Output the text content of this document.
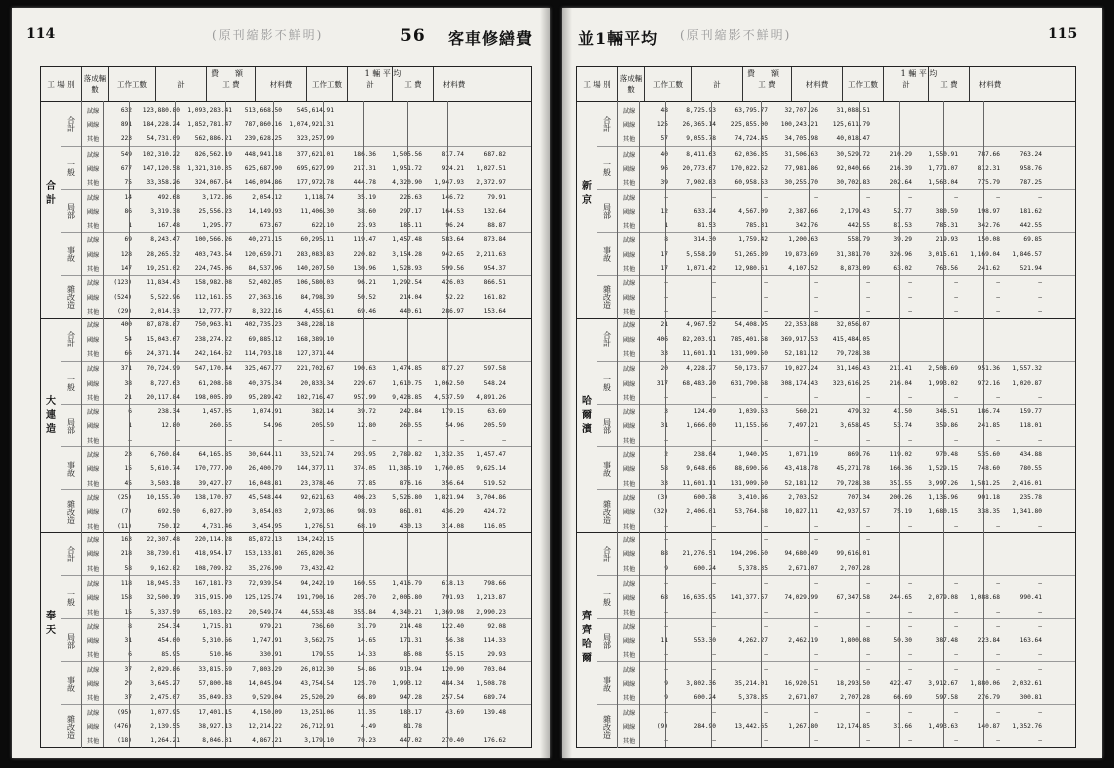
114	(原刊縮影不鮮明)	56 客車修繕費
工 場 別
落成輛數
工作工數	計	工 費	材料費	工作工數	計	工 費	材料費
費　　額	1 輛 平 均
合 計
合計
試線	632	123,880.80	1,093,283.41	513,668.50	545,614.91
國線	891	184,228.24	1,852,781.47	787,860.16	1,074,921.31
其他	223	54,731.09	562,886.21	239,628.25	323,257.99
一般
試線	549	102,310.22	826,562.19	448,941.18	377,621.01	186.36	1,505.56	817.74	687.82
國線	677	147,120.58	1,321,310.35	625,687.90	695,627.99	217.31	1,951.72	924.21	1,027.51
其他	75	33,358.26	324,067.64	146,094.86	177,972.78	444.78	4,320.90	1,947.93	2,372.97
局部
試線	14	492.68	3,172.86	2,054.12	1,118.74	35.19	226.63	146.72	79.91
國線	86	3,319.38	25,556.23	14,149.93	11,406.30	38.60	297.17	164.53	132.64
其他	1	167.48	1,295.77	673.67	622.10	23.93	185.11	96.24	88.87
事故
試線	69	8,243.47	100,566.26	40,271.15	60,295.11	119.47	1,457.48	583.64	873.84
國線	128	28,265.32	403,743.54	120,659.71	283,083.83	220.82	3,154.28	942.65	2,211.63
其他	147	19,251.02	224,745.06	84,537.96	140,207.50	130.96	1,528.93	599.56	954.37
雜改造
試線	(123)	11,834.43	158,982.08	52,402.05	106,580.03	96.21	1,292.54	426.03	866.51
國線	(524)	5,522.96	112,161.55	27,363.16	84,798.39	50.52	214.04	52.22	161.82
其他	(29)	2,014.33	12,777.77	8,322.16	4,455.61	69.46	440.61	286.97	153.64
大 連 造
合計
試線	400	87,878.87	750,963.41	402,735.23	348,228.18
國線	54	15,043.67	238,274.22	69,885.12	168,389.10
其他	66	24,371.14	242,164.62	114,793.18	127,371.44
一般
試線	371	70,724.99	547,170.44	325,467.77	221,702.67	190.63	1,474.85	877.27	597.58
國線	38	8,727.63	61,208.68	40,375.34	20,833.34	229.67	1,610.75	1,062.50	548.24
其他	21	20,117.84	198,005.89	95,289.42	102,716.47	957.99	9,428.85	4,537.59	4,891.26
局部
試線	6	238.34	1,457.05	1,074.91	382.14	39.72	242.84	179.15	63.69
國線	1	12.80	260.55	54.96	205.59	12.80	260.55	54.96	205.59
其他	—	—	—	—	—	—	—	—	—
事故
試線	23	6,760.84	64,165.85	30,644.11	33,521.74	293.95	2,789.82	1,332.35	1,457.47
國線	15	5,610.74	170,777.90	26,400.79	144,377.11	374.05	11,385.19	1,760.05	9,625.14
其他	45	3,503.18	39,427.27	16,048.81	23,378.46	77.85	876.16	356.64	519.52
雜改造
試線	(25)	10,155.70	138,170.07	45,548.44	92,621.63	406.23	5,526.80	1,821.94	3,704.86
國線	(7)	692.50	6,027.09	3,054.03	2,973.06	98.93	861.01	436.29	424.72
其他	(11)	750.12	4,731.46	3,454.95	1,276.51	68.19	430.13	314.08	116.05
奉 天
合計
試線	163	22,307.48	220,114.28	85,872.13	134,242.15
國線	218	38,739.01	418,954.17	153,133.81	265,820.36
其他	58	9,162.82	108,709.32	35,276.90	73,432.42
一般
試線	118	18,945.33	167,181.73	72,939.54	94,242.19	160.55	1,416.79	618.13	798.66
國線	158	32,500.19	315,915.90	125,125.74	191,790.16	205.70	2,005.80	791.93	1,213.87
其他	15	5,337.59	65,103.22	20,549.74	44,553.48	355.84	4,340.21	1,369.98	2,990.23
局部
試線	8	254.34	1,715.81	979.21	736.60	31.79	214.48	122.40	92.08
國線	31	454.00	5,310.66	1,747.91	3,562.75	14.65	171.31	56.38	114.33
其他	6	85.95	510.46	330.91	179.55	14.33	85.08	55.15	29.93
事故
試線	37	2,029.86	33,815.59	7,803.29	26,012.30	54.86	913.94	120.90	703.04
國線	29	3,645.27	57,800.48	14,045.94	43,754.54	125.70	1,993.12	484.34	1,508.78
其他	37	2,475.07	35,049.33	9,529.04	25,520.29	66.89	947.28	257.54	689.74
雜改造
試線	(95)	1,077.95	17,401.15	4,150.09	13,251.06	11.35	183.17	43.69	139.48
國線	(476)	2,139.55	38,927.13	12,214.22	26,712.91	4.49	81.78
其他	(18)	1,264.21	8,046.31	4,867.21	3,179.10	70.23	447.02	270.40	176.62
並1輛平均 (原刊縮影不鮮明)	115
工 場 別
落成輛數
工作工數	計	工 費	材料費	工作工數	計	工 費	材料費
費　　額	1 輛 平 均
新 京
合計
試線	48	8,725.93	63,795.77	32,707.26	31,088.51
國線	125	26,365.14	225,855.00	100,243.21	125,611.79
其他	57	9,055.78	74,724.45	34,705.98	40,018.47
一般
試線	40	8,411.63	62,036.35	31,506.63	30,529.72	210.29	1,550.91	787.66	763.24
國線	96	20,773.67	170,022.52	77,981.86	92,040.66	216.39	1,771.07	812.31	958.76
其他	39	7,902.83	60,958.53	30,255.70	30,702.83	202.64	1,563.04	775.79	787.25
局部
試線	—	—	—	—	—	—	—	—	—
國線	12	633.24	4,567.09	2,387.66	2,179.43	52.77	380.59	198.97	181.62
其他	1	81.53	785.31	342.76	442.55	81.53	785.31	342.76	442.55
事故
試線	8	314.30	1,759.42	1,200.63	558.79	39.29	219.93	150.08	69.85
國線	17	5,558.29	51,265.39	19,873.69	31,381.70	326.96	3,015.61	1,169.04	1,846.57
其他	17	1,071.42	12,980.61	4,107.52	8,873.09	63.02	763.56	241.62	521.94
雜改造
試線	—	—	—	—	—	—	—	—	—
國線	—	—	—	—	—	—	—	—	—
其他	—	—	—	—	—	—	—	—	—
哈 爾 濱
合計
試線	21	4,967.52	54,408.95	22,353.88	32,056.07
國線	406	82,203.91	785,401.58	369,917.53	415,484.05
其他	33	11,601.11	131,909.50	52,181.12	79,728.38
一般
試線	20	4,228.27	50,173.67	19,027.24	31,146.43	211.41	2,508.69	951.36	1,557.32
國線	317	68,483.20	631,790.68	308,174.43	323,616.25	216.04	1,993.02	972.16	1,020.87
其他	—	—	—	—	—	—	—	—	—
局部
試線	3	124.49	1,039.53	560.21	479.32	41.50	346.51	186.74	159.77
國線	31	1,666.00	11,155.66	7,497.21	3,658.45	53.74	359.86	241.85	118.01
其他	—	—	—	—	—	—	—	—	—
事故
試線	2	238.04	1,940.95	1,071.19	869.76	119.02	970.48	535.60	434.88
國線	58	9,648.66	88,690.56	43,418.78	45,271.78	166.36	1,529.15	748.60	780.55
其他	33	11,601.11	131,909.50	52,181.12	79,728.38	351.55	3,997.26	1,581.25	2,416.01
雜改造
試線	(3)	600.78	3,410.86	2,703.52	707.34	200.26	1,136.96	901.18	235.78
國線	(32)	2,406.01	53,764.68	10,827.11	42,937.57	75.19	1,680.15	338.35	1,341.80
其他	—	—	—	—	—	—	—	—	—
齊 齊 哈 爾
合計
試線	—	—	—	—	—
國線	88	21,276.51	194,296.50	94,680.49	99,616.01
其他	9	600.24	5,378.35	2,671.07	2,707.28
一般
試線	—	—	—	—	—	—	—	—	—
國線	68	16,635.95	141,377.57	74,029.99	67,347.58	244.65	2,079.08	1,088.68	990.41
其他	—	—	—	—	—	—	—	—	—
局部
試線	—	—	—	—	—	—	—	—	—
國線	11	553.30	4,262.27	2,462.19	1,800.08	50.30	387.48	223.84	163.64
其他	—	—	—	—	—	—	—	—	—
事故
試線	—	—	—	—	—	—	—	—	—
國線	9	3,802.36	35,214.01	16,920.51	18,293.50	422.47	3,912.67	1,880.06	2,032.61
其他	9	600.24	5,378.35	2,671.07	2,707.28	66.69	597.58	276.79	300.81
雜改造
試線	—	—	—	—	—	—	—	—	—
國線	(9)	284.90	13,442.65	1,267.80	12,174.85	31.66	1,493.63	140.87	1,352.76
其他	—	—	—	—	—	—	—	—	—
